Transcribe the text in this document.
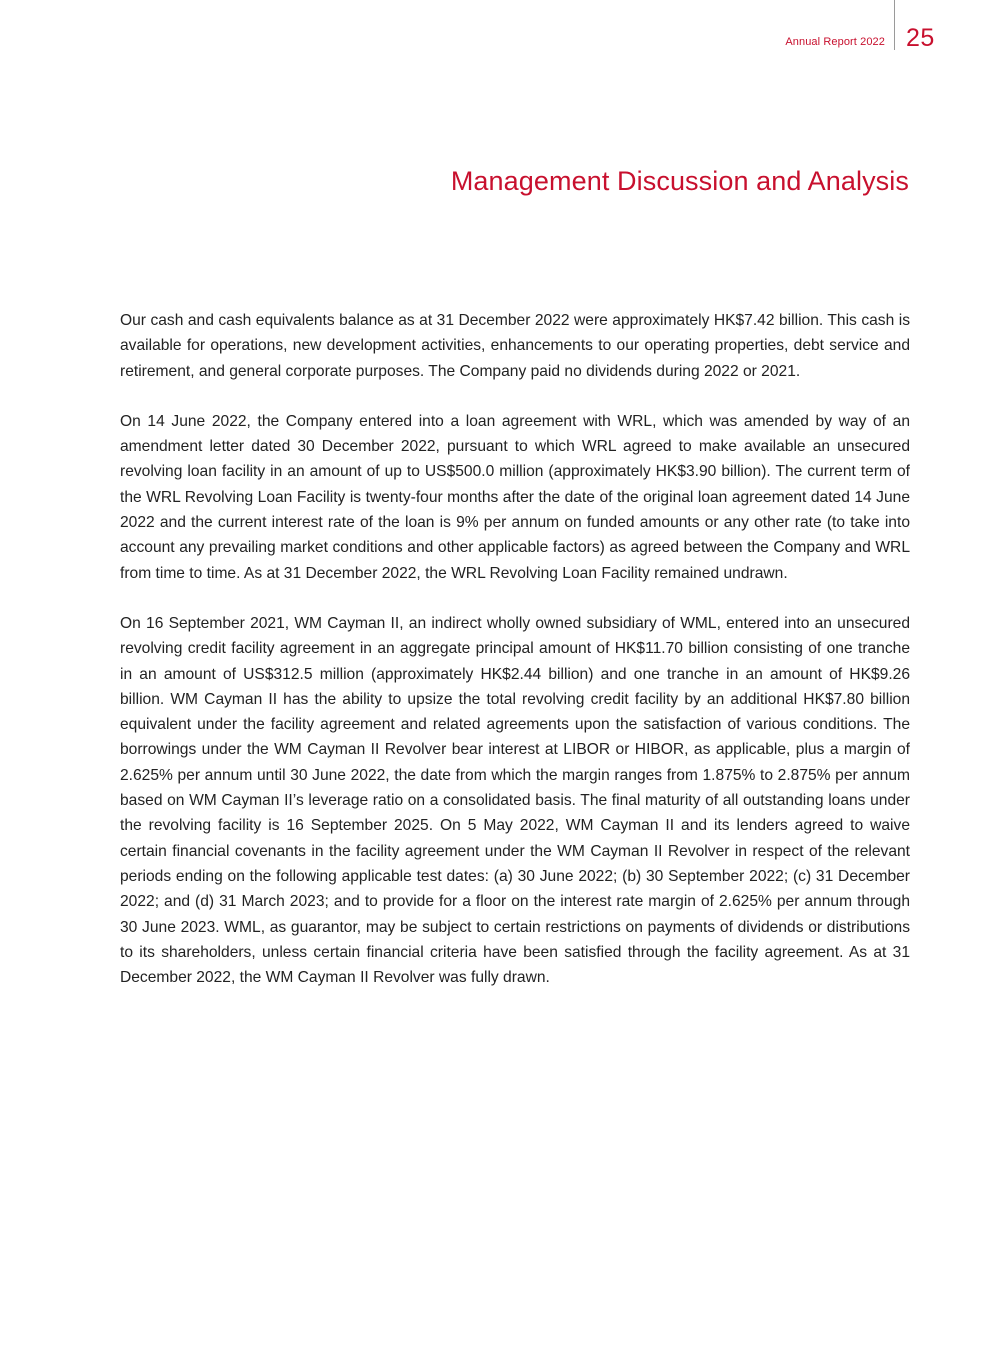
Annual Report 2022 25
Management Discussion and Analysis

Our cash and cash equivalents balance as at 31 December 2022 were approximately HK$7.42 billion. This cash is available for operations, new development activities, enhancements to our operating properties, debt service and retirement, and general corporate purposes. The Company paid no dividends during 2022 or 2021.

On 14 June 2022, the Company entered into a loan agreement with WRL, which was amended by way of an amendment letter dated 30 December 2022, pursuant to which WRL agreed to make available an unsecured revolving loan facility in an amount of up to US$500.0 million (approximately HK$3.90 billion). The current term of the WRL Revolving Loan Facility is twenty-four months after the date of the original loan agreement dated 14 June 2022 and the current interest rate of the loan is 9% per annum on funded amounts or any other rate (to take into account any prevailing market conditions and other applicable factors) as agreed between the Company and WRL from time to time. As at 31 December 2022, the WRL Revolving Loan Facility remained undrawn.

On 16 September 2021, WM Cayman II, an indirect wholly owned subsidiary of WML, entered into an unsecured revolving credit facility agreement in an aggregate principal amount of HK$11.70 billion consisting of one tranche in an amount of US$312.5 million (approximately HK$2.44 billion) and one tranche in an amount of HK$9.26 billion. WM Cayman II has the ability to upsize the total revolving credit facility by an additional HK$7.80 billion equivalent under the facility agreement and related agreements upon the satisfaction of various conditions. The borrowings under the WM Cayman II Revolver bear interest at LIBOR or HIBOR, as applicable, plus a margin of 2.625% per annum until 30 June 2022, the date from which the margin ranges from 1.875% to 2.875% per annum based on WM Cayman II’s leverage ratio on a consolidated basis. The final maturity of all outstanding loans under the revolving facility is 16 September 2025. On 5 May 2022, WM Cayman II and its lenders agreed to waive certain financial covenants in the facility agreement under the WM Cayman II Revolver in respect of the relevant periods ending on the following applicable test dates: (a) 30 June 2022; (b) 30 September 2022; (c) 31 December 2022; and (d) 31 March 2023; and to provide for a floor on the interest rate margin of 2.625% per annum through 30 June 2023. WML, as guarantor, may be subject to certain restrictions on payments of dividends or distributions to its shareholders, unless certain financial criteria have been satisfied through the facility agreement. As at 31 December 2022, the WM Cayman II Revolver was fully drawn.
